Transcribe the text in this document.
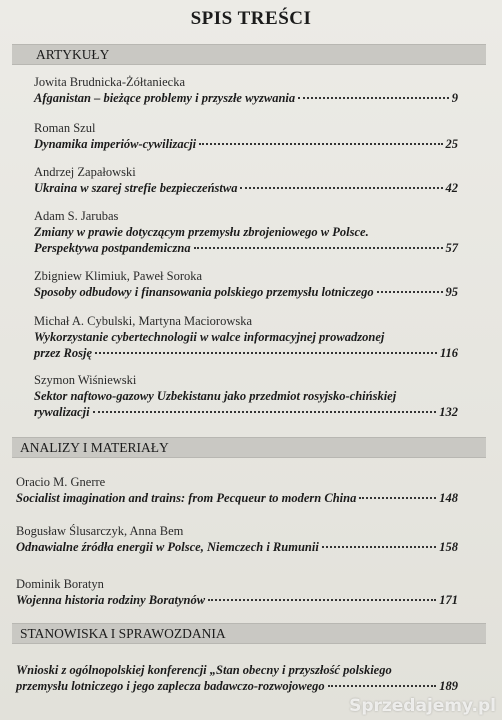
SPIS TREŚCI
ARTYKUŁY
Jowita Brudnicka-Żółtaniecka
Afganistan – bieżące problemy i przyszłe wyzwania	9
Roman Szul
Dynamika imperiów-cywilizacji	25
Andrzej Zapałowski
Ukraina w szarej strefie bezpieczeństwa	42
Adam S. Jarubas
Zmiany w prawie dotyczącym przemysłu zbrojeniowego w Polsce.
Perspektywa postpandemiczna	57
Zbigniew Klimiuk, Paweł Soroka
Sposoby odbudowy i finansowania polskiego przemysłu lotniczego	95
Michał A. Cybulski, Martyna Maciorowska
Wykorzystanie cybertechnologii w walce informacyjnej prowadzonej
przez Rosję	116
Szymon Wiśniewski
Sektor naftowo-gazowy Uzbekistanu jako przedmiot rosyjsko-chińskiej
rywalizacji	132
ANALIZY I MATERIAŁY
Oracio M. Gnerre
Socialist imagination and trains: from Pecqueur to modern China	148
Bogusław Ślusarczyk, Anna Bem
Odnawialne źródła energii w Polsce, Niemczech i Rumunii	158
Dominik Boratyn
Wojenna historia rodziny Boratynów	171
STANOWISKA I SPRAWOZDANIA
Wnioski z ogólnopolskiej konferencji „Stan obecny i przyszłość polskiego
przemysłu lotniczego i jego zaplecza badawczo-rozwojowego	189
Sprzedajemy.pl
